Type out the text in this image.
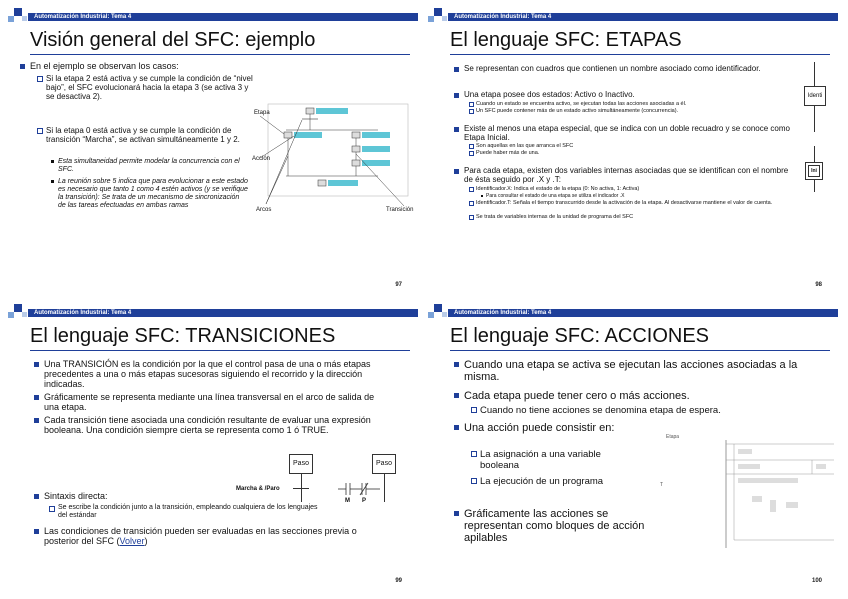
Automatización Industrial: Tema 4
Visión general del SFC: ejemplo
En el ejemplo se observan los casos:
Si la etapa 2 está activa y se cumple la condición de “nivel bajo”, el SFC evolucionará hacia la etapa 3 (se activa 3 y se desactiva 2).
Si la etapa 0 está activa y se cumple la condición de transición “Marcha”, se activan simultáneamente 1 y 2.
Esta simultaneidad permite modelar la concurrencia con el SFC.
La reunión sobre 5 indica que para evolucionar a este estado es necesario que tanto 1 como 4 estén activos (y se verifique la transición): Se trata de un mecanismo de sincronización de las tareas efectuadas en ambas ramas
Etapa
Acción
Arcos	Transición
97
Automatización Industrial: Tema 4
El lenguaje SFC: ETAPAS
Se representan con cuadros que contienen un nombre asociado como identificador.
Una etapa posee dos estados: Activo o Inactivo.
Cuando un estado se encuentra activo, se ejecutan todas las acciones asociadas a él.
Un SFC puede contener más de un estado activo simultáneamente (concurrencia).
Existe al menos una etapa especial, que se indica con un doble recuadro y se conoce como Etapa Inicial.
Son aquellas en las que arranca el SFC
Puede haber más de una.
Para cada etapa, existen dos variables internas asociadas que se identifican con el nombre de ésta seguido por .X y .T:
Identificador.X: Indica el estado de la etapa (0: No activa, 1: Activa)
Para consultar el estado de una etapa se utiliza el indicador .X
Identificador.T: Señala el tiempo transcurrido desde la activación de la etapa. Al desactivarse mantiene el valor de cuenta.
Se trata de variables internas de la unidad de programa del SFC
Identi
Ini
98
Automatización Industrial: Tema 4
El lenguaje SFC: TRANSICIONES
Una TRANSICIÓN es la condición por la que el control pasa de una o más etapas precedentes a una o más etapas sucesoras siguiendo el recorrido y la dirección indicadas.
Gráficamente se representa mediante una línea transversal en el arco de salida de una etapa.
Cada transición tiene asociada una condición resultante de evaluar una expresión booleana. Una condición siempre cierta se representa como 1 ó TRUE.
Sintaxis directa:
Se escribe la condición junto a la transición, empleando cualquiera de los lenguajes del estándar
Las condiciones de transición pueden ser evaluadas en las secciones previa o posterior del SFC (Volver)
Paso
Marcha & /Paro
Paso
M P
99
Automatización Industrial: Tema 4
El lenguaje SFC: ACCIONES
Cuando una etapa se activa se ejecutan las acciones asociadas a la misma.
Cada etapa puede tener cero o más acciones.
Cuando no tiene acciones se denomina etapa de espera.
Una acción puede consistir en:
La asignación a una variable booleana
La ejecución de un programa
Gráficamente las acciones se representan como bloques de acción apilables
Etapa
T
100
